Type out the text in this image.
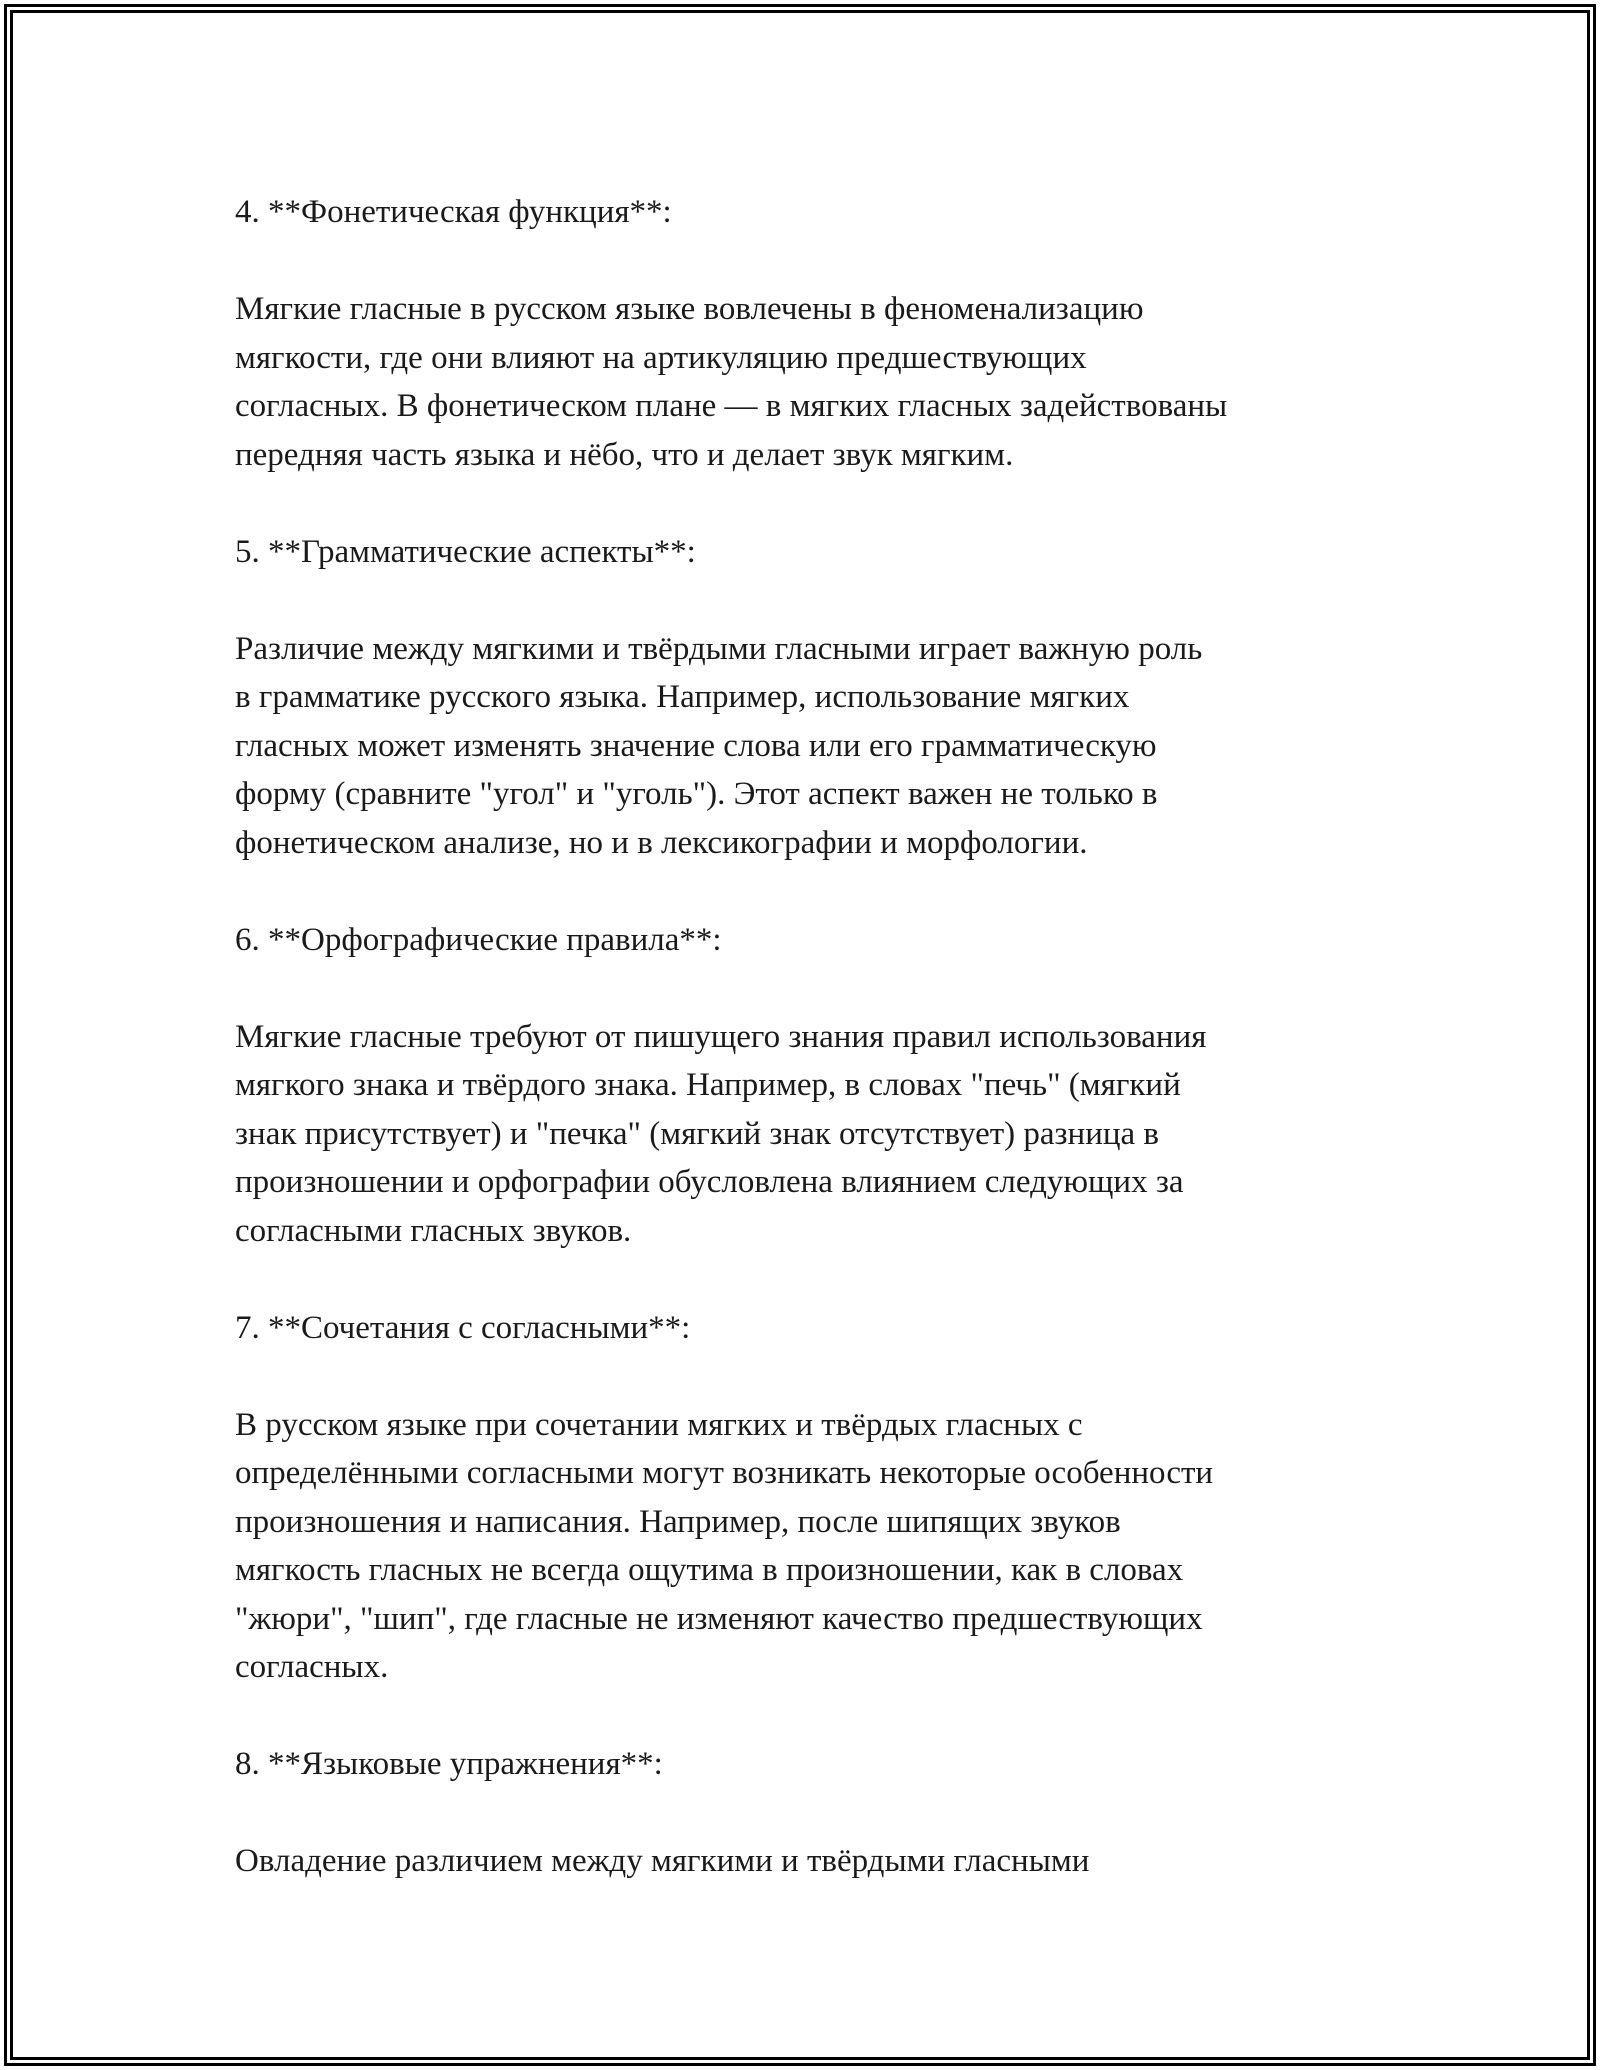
4. **Фонетическая функция**:
Мягкие гласные в русском языке вовлечены в феноменализацию
мягкости, где они влияют на артикуляцию предшествующих
согласных. В фонетическом плане — в мягких гласных задействованы
передняя часть языка и нёбо, что и делает звук мягким.
5. **Грамматические аспекты**:
Различие между мягкими и твёрдыми гласными играет важную роль
в грамматике русского языка. Например, использование мягких
гласных может изменять значение слова или его грамматическую
форму (сравните "угол" и "уголь"). Этот аспект важен не только в
фонетическом анализе, но и в лексикографии и морфологии.
6. **Орфографические правила**:
Мягкие гласные требуют от пишущего знания правил использования
мягкого знака и твёрдого знака. Например, в словах "печь" (мягкий
знак присутствует) и "печка" (мягкий знак отсутствует) разница в
произношении и орфографии обусловлена влиянием следующих за
согласными гласных звуков.
7. **Сочетания с согласными**:
В русском языке при сочетании мягких и твёрдых гласных с
определёнными согласными могут возникать некоторые особенности
произношения и написания. Например, после шипящих звуков
мягкость гласных не всегда ощутима в произношении, как в словах
"жюри", "шип", где гласные не изменяют качество предшествующих
согласных.
8. **Языковые упражнения**:
Овладение различием между мягкими и твёрдыми гласными
